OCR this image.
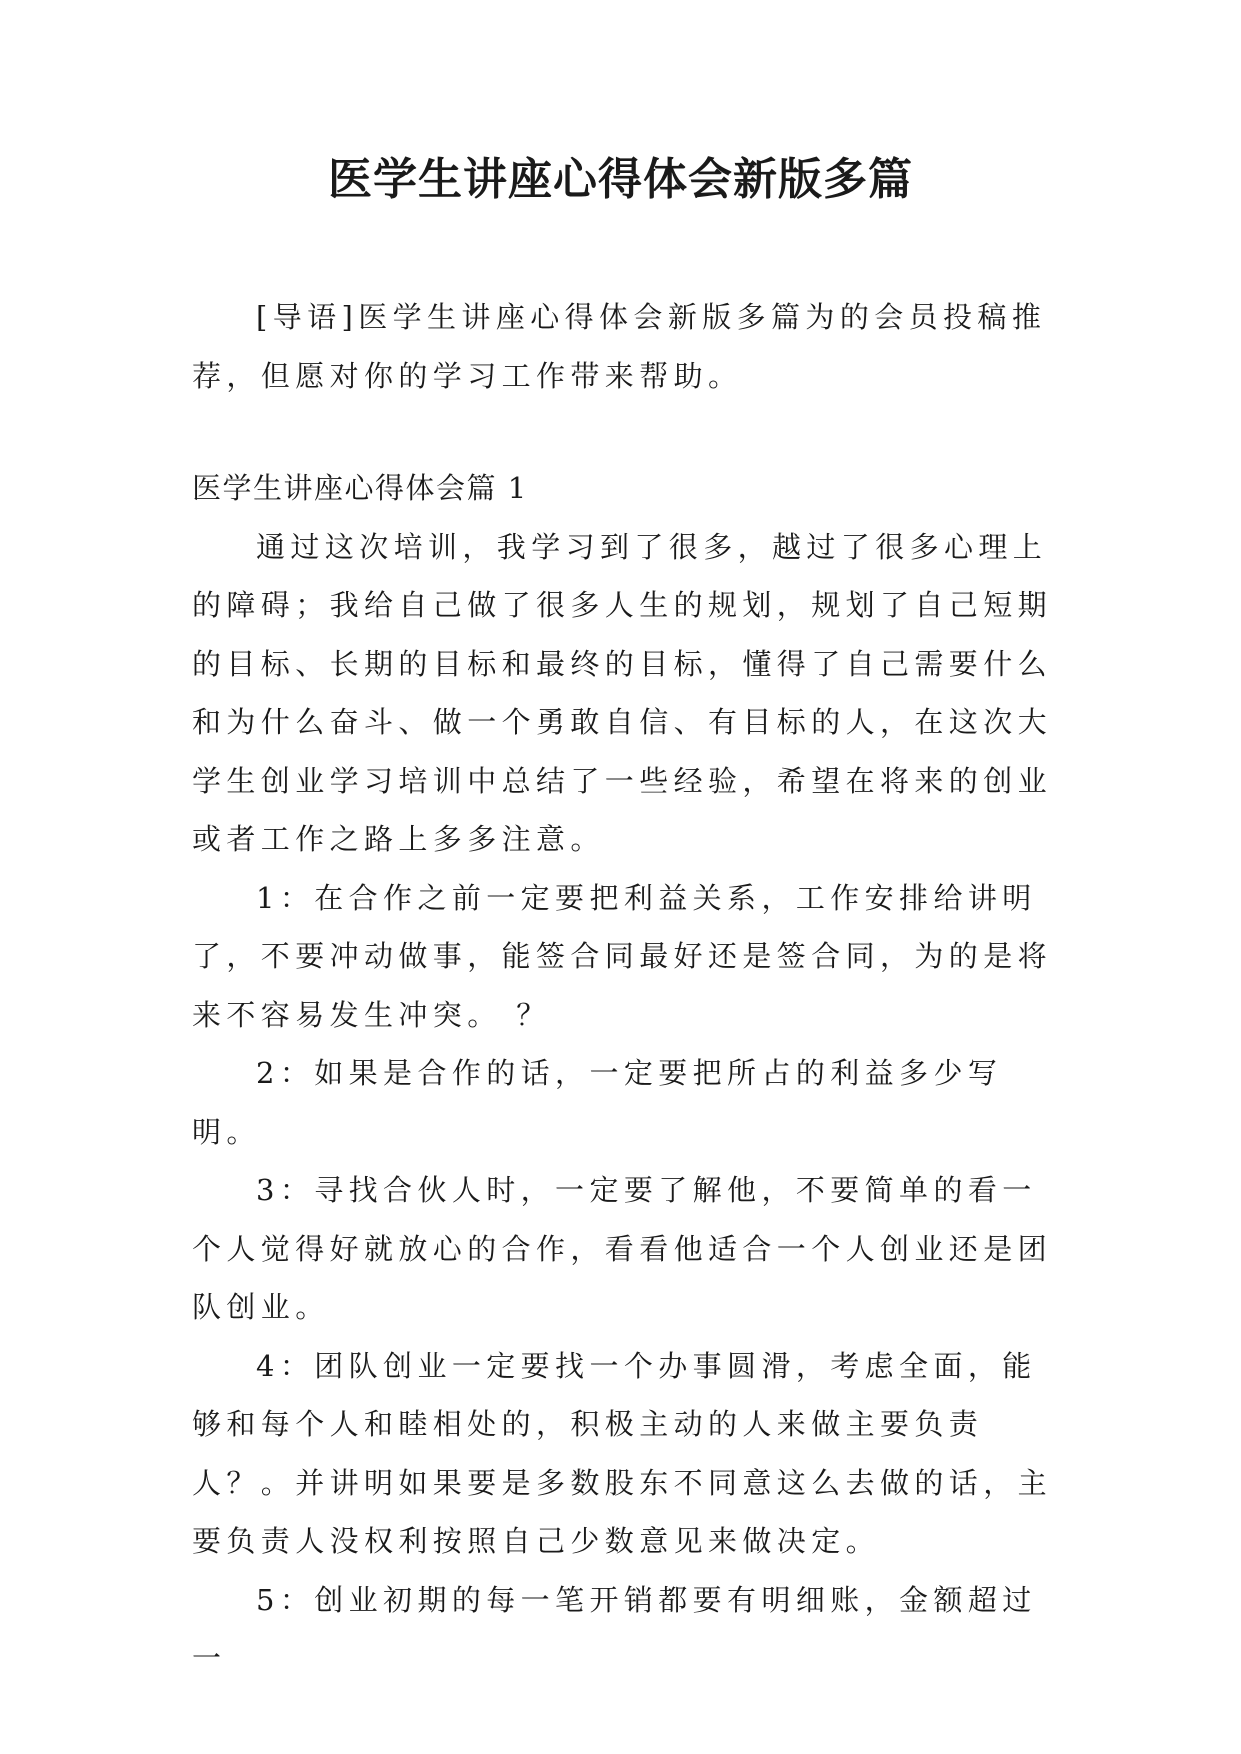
医学生讲座心得体会新版多篇

[导语]医学生讲座心得体会新版多篇为的会员投稿推荐，但愿对你的学习工作带来帮助。

医学生讲座心得体会篇 1

通过这次培训，我学习到了很多，越过了很多心理上的障碍；我给自己做了很多人生的规划，规划了自己短期的目标、长期的目标和最终的目标，懂得了自己需要什么和为什么奋斗、做一个勇敢自信、有目标的人，在这次大学生创业学习培训中总结了一些经验，希望在将来的创业或者工作之路上多多注意。

1：在合作之前一定要把利益关系，工作安排给讲明了，不要冲动做事，能签合同最好还是签合同，为的是将来不容易发生冲突。 ？

2：如果是合作的话，一定要把所占的利益多少写明。

3：寻找合伙人时，一定要了解他，不要简单的看一个人觉得好就放心的合作，看看他适合一个人创业还是团队创业。

4：团队创业一定要找一个办事圆滑，考虑全面，能够和每个人和睦相处的，积极主动的人来做主要负责人？。并讲明如果要是多数股东不同意这么去做的话，主要负责人没权利按照自己少数意见来做决定。

5：创业初期的每一笔开销都要有明细账，金额超过一
